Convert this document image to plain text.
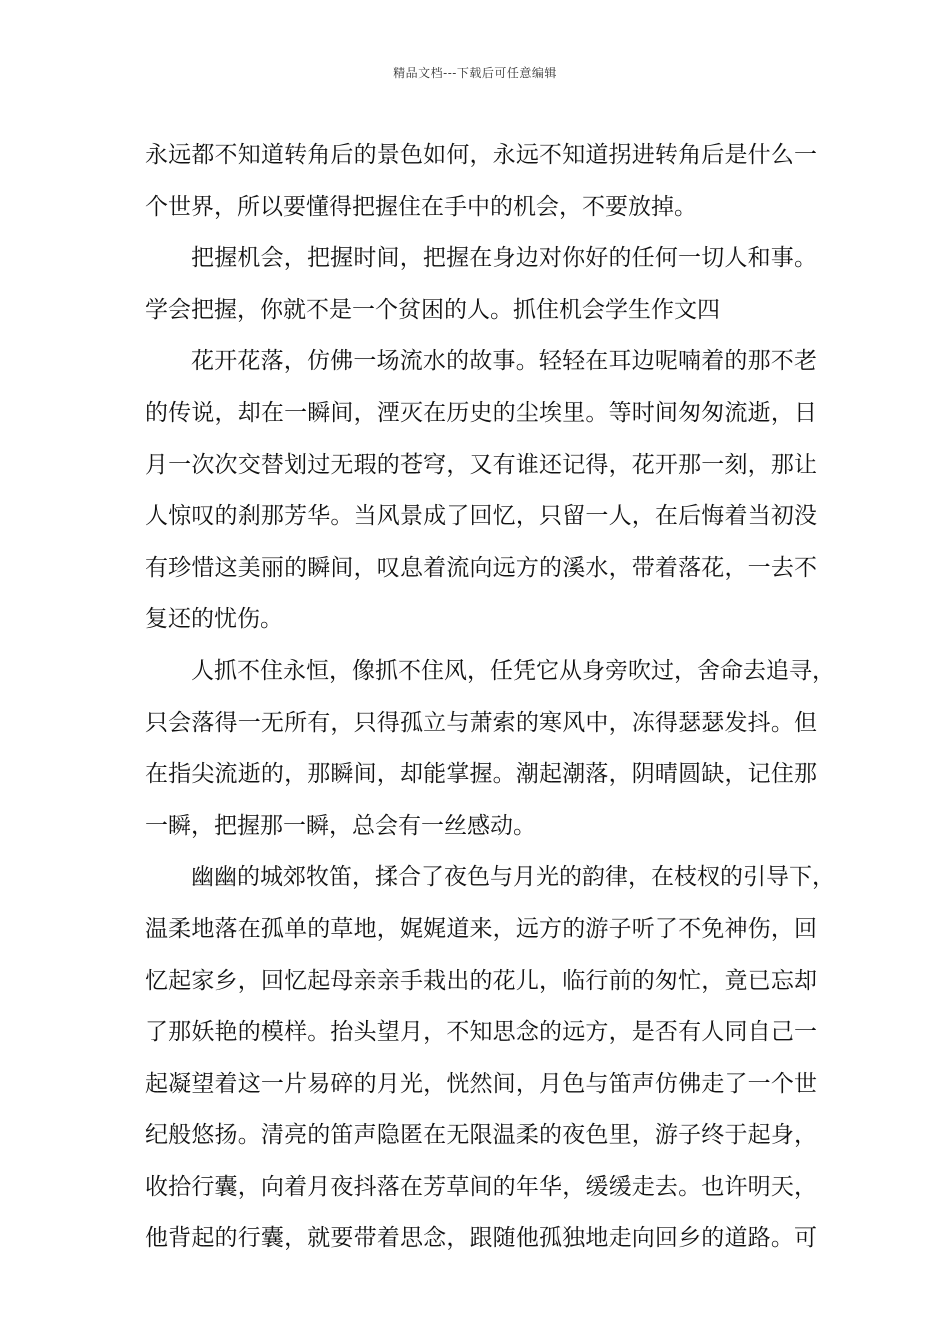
精品文档---下载后可任意编辑
永远都不知道转角后的景色如何，永远不知道拐进转角后是什么一
个世界，所以要懂得把握住在手中的机会，不要放掉。
把握机会，把握时间，把握在身边对你好的任何一切人和事。
学会把握，你就不是一个贫困的人。抓住机会学生作文四
花开花落，仿佛一场流水的故事。轻轻在耳边呢喃着的那不老
的传说，却在一瞬间，湮灭在历史的尘埃里。等时间匆匆流逝，日
月一次次交替划过无瑕的苍穹，又有谁还记得，花开那一刻，那让
人惊叹的刹那芳华。当风景成了回忆，只留一人，在后悔着当初没
有珍惜这美丽的瞬间，叹息着流向远方的溪水，带着落花，一去不
复还的忧伤。
人抓不住永恒，像抓不住风，任凭它从身旁吹过，舍命去追寻，
只会落得一无所有，只得孤立与萧索的寒风中，冻得瑟瑟发抖。但
在指尖流逝的，那瞬间，却能掌握。潮起潮落，阴晴圆缺，记住那
一瞬，把握那一瞬，总会有一丝感动。
幽幽的城郊牧笛，揉合了夜色与月光的韵律，在枝杈的引导下，
温柔地落在孤单的草地，娓娓道来，远方的游子听了不免神伤，回
忆起家乡，回忆起母亲亲手栽出的花儿，临行前的匆忙，竟已忘却
了那妖艳的模样。抬头望月，不知思念的远方，是否有人同自己一
起凝望着这一片易碎的月光，恍然间，月色与笛声仿佛走了一个世
纪般悠扬。清亮的笛声隐匿在无限温柔的夜色里，游子终于起身，
收拾行囊，向着月夜抖落在芳草间的年华，缓缓走去。也许明天，
他背起的行囊，就要带着思念，跟随他孤独地走向回乡的道路。可
